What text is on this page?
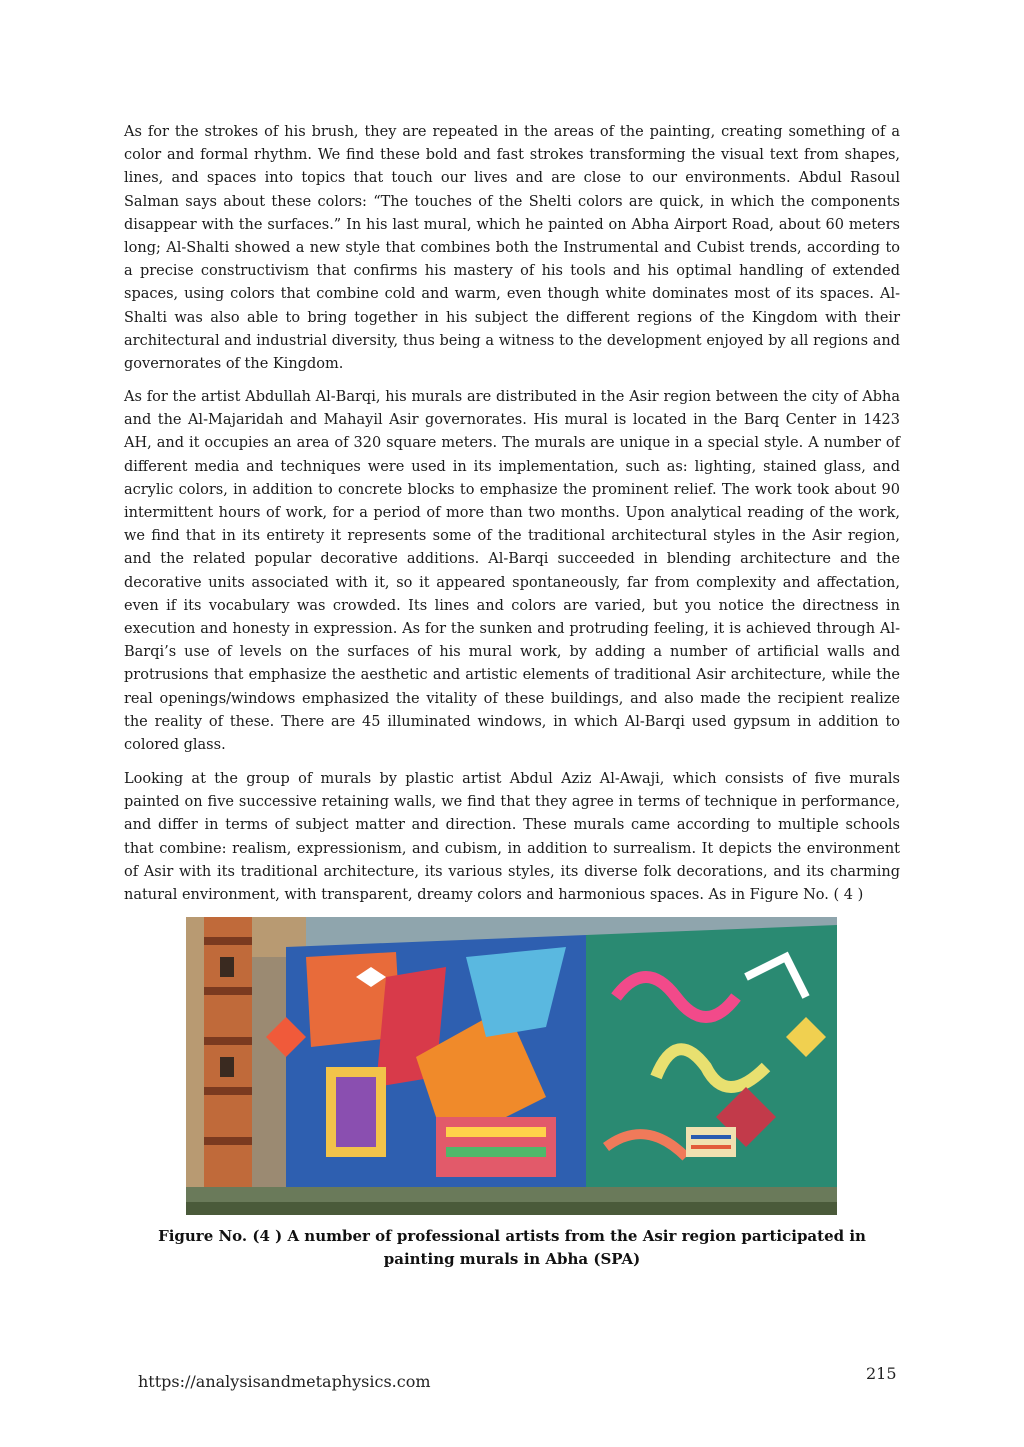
As for the strokes of his brush, they are repeated in the areas of the painting, creating something of a color and formal rhythm. We find these bold and fast strokes transforming the visual text from shapes, lines, and spaces into topics that touch our lives and are close to our environments. Abdul Rasoul Salman says about these colors: “The touches of the Shelti colors are quick, in which the components disappear with the surfaces.” In his last mural, which he painted on Abha Airport Road, about 60 meters long; Al-Shalti showed a new style that combines both the Instrumental and Cubist trends, according to a precise constructivism that confirms his mastery of his tools and his optimal handling of extended spaces, using colors that combine cold and warm, even though white dominates most of its spaces. Al-Shalti was also able to bring together in his subject the different regions of the Kingdom with their architectural and industrial diversity, thus being a witness to the development enjoyed by all regions and governorates of the Kingdom.

As for the artist Abdullah Al-Barqi, his murals are distributed in the Asir region between the city of Abha and the Al-Majaridah and Mahayil Asir governorates. His mural is located in the Barq Center in 1423 AH, and it occupies an area of 320 square meters. The murals are unique in a special style. A number of different media and techniques were used in its implementation, such as: lighting, stained glass, and acrylic colors, in addition to concrete blocks to emphasize the prominent relief. The work took about 90 intermittent hours of work, for a period of more than two months. Upon analytical reading of the work, we find that in its entirety it represents some of the traditional architectural styles in the Asir region, and the related popular decorative additions. Al-Barqi succeeded in blending architecture and the decorative units associated with it, so it appeared spontaneously, far from complexity and affectation, even if its vocabulary was crowded. Its lines and colors are varied, but you notice the directness in execution and honesty in expression. As for the sunken and protruding feeling, it is achieved through Al-Barqi’s use of levels on the surfaces of his mural work, by adding a number of artificial walls and protrusions that emphasize the aesthetic and artistic elements of traditional Asir architecture, while the real openings/windows emphasized the vitality of these buildings, and also made the recipient realize the reality of these. There are 45 illuminated windows, in which Al-Barqi used gypsum in addition to colored glass.

Looking at the group of murals by plastic artist Abdul Aziz Al-Awaji, which consists of five murals painted on five successive retaining walls, we find that they agree in terms of technique in performance, and differ in terms of subject matter and direction. These murals came according to multiple schools that combine: realism, expressionism, and cubism, in addition to surrealism. It depicts the environment of Asir with its traditional architecture, its various styles, its diverse folk decorations, and its charming natural environment, with transparent, dreamy colors and harmonious spaces. As in Figure No. ( 4 )

Figure No. (4 ) A number of professional artists from the Asir region participated in painting murals in Abha (SPA)

https://analysisandmetaphysics.com	215
